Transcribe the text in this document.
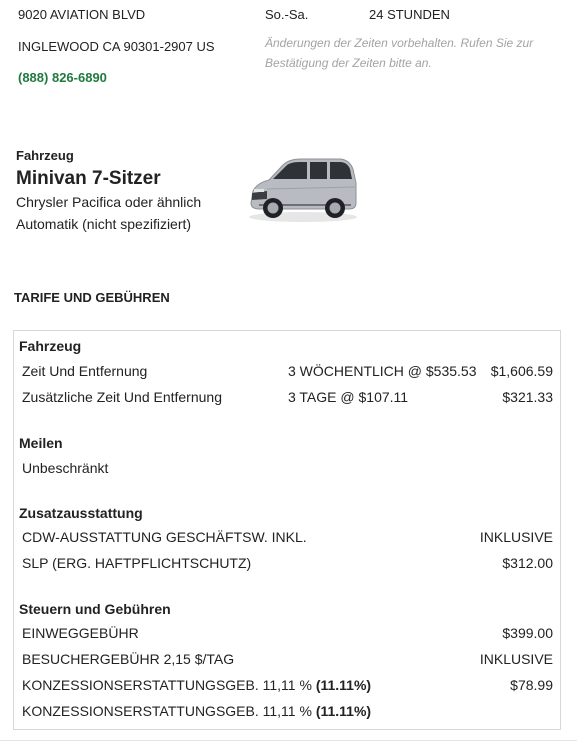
9020 AVIATION BLVD
INGLEWOOD CA 90301-2907 US
(888) 826-6890
So.-Sa.	24 STUNDEN
Änderungen der Zeiten vorbehalten. Rufen Sie zur Bestätigung der Zeiten bitte an.
Fahrzeug
Minivan 7-Sitzer
Chrysler Pacifica oder ähnlich
Automatik (nicht spezifiziert)
TARIFE UND GEBÜHREN
Fahrzeug
Zeit Und Entfernung	3 WÖCHENTLICH @ $535.53 $1,606.59
Zusätzliche Zeit Und Entfernung	3 TAGE @ $107.11	$321.33
Meilen
Unbeschränkt
Zusatzausstattung
CDW-AUSSTATTUNG GESCHÄFTSW. INKL.	INKLUSIVE
SLP (ERG. HAFTPFLICHTSCHUTZ)	$312.00
Steuern und Gebühren
EINWEGGEBÜHR	$399.00
BESUCHERGEBÜHR 2,15 $/TAG	INKLUSIVE
KONZESSIONSERSTATTUNGSGEB. 11,11 % (11.11%)	$78.99
KONZESSIONSERSTATTUNGSGEB. 11,11 % (11.11%)
